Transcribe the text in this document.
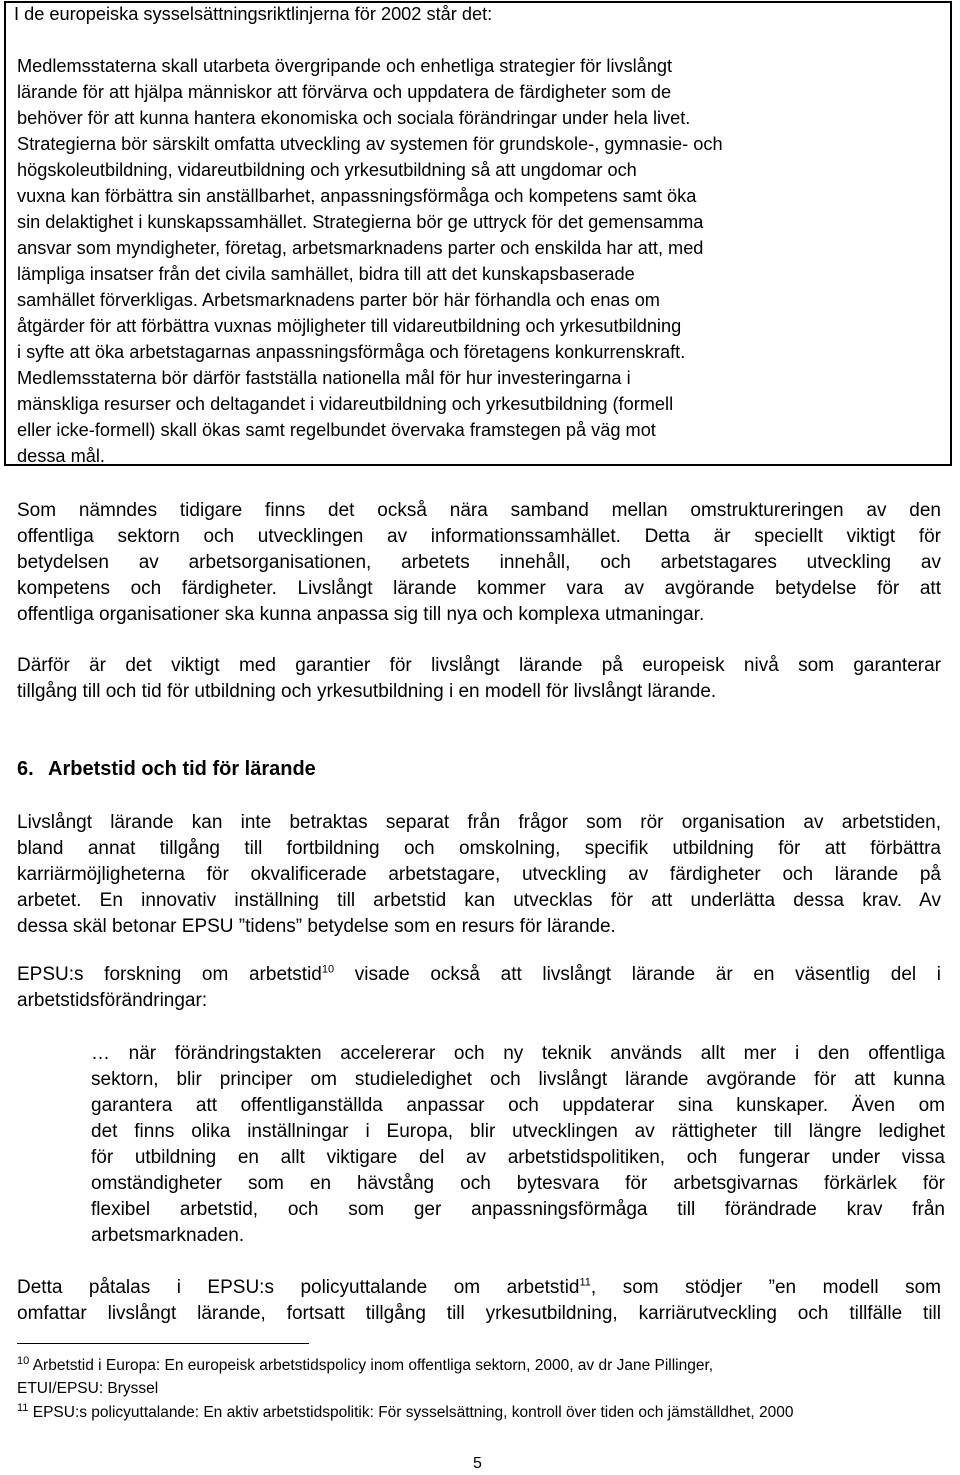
I de europeiska sysselsättningsriktlinjerna för 2002 står det:
Medlemsstaterna skall utarbeta övergripande och enhetliga strategier för livslångt
lärande för att hjälpa människor att förvärva och uppdatera de färdigheter som de
behöver för att kunna hantera ekonomiska och sociala förändringar under hela livet.
Strategierna bör särskilt omfatta utveckling av systemen för grundskole-, gymnasie- och
högskoleutbildning, vidareutbildning och yrkesutbildning så att ungdomar och
vuxna kan förbättra sin anställbarhet, anpassningsförmåga och kompetens samt öka
sin delaktighet i kunskapssamhället. Strategierna bör ge uttryck för det gemensamma
ansvar som myndigheter, företag, arbetsmarknadens parter och enskilda har att, med
lämpliga insatser från det civila samhället, bidra till att det kunskapsbaserade
samhället förverkligas. Arbetsmarknadens parter bör här förhandla och enas om
åtgärder för att förbättra vuxnas möjligheter till vidareutbildning och yrkesutbildning
i syfte att öka arbetstagarnas anpassningsförmåga och företagens konkurrenskraft.
Medlemsstaterna bör därför fastställa nationella mål för hur investeringarna i
mänskliga resurser och deltagandet i vidareutbildning och yrkesutbildning (formell
eller icke-formell) skall ökas samt regelbundet övervaka framstegen på väg mot
dessa mål.
Som nämndes tidigare finns det också nära samband mellan omstruktureringen av den
offentliga sektorn och utvecklingen av informationssamhället. Detta är speciellt viktigt för
betydelsen av arbetsorganisationen, arbetets innehåll, och arbetstagares utveckling av
kompetens och färdigheter. Livslångt lärande kommer vara av avgörande betydelse för att
offentliga organisationer ska kunna anpassa sig till nya och komplexa utmaningar.
Därför är det viktigt med garantier för livslångt lärande på europeisk nivå som garanterar
tillgång till och tid för utbildning och yrkesutbildning i en modell för livslångt lärande.
6. Arbetstid och tid för lärande
Livslångt lärande kan inte betraktas separat från frågor som rör organisation av arbetstiden,
bland annat tillgång till fortbildning och omskolning, specifik utbildning för att förbättra
karriärmöjligheterna för okvalificerade arbetstagare, utveckling av färdigheter och lärande på
arbetet. En innovativ inställning till arbetstid kan utvecklas för att underlätta dessa krav. Av
dessa skäl betonar EPSU ”tidens” betydelse som en resurs för lärande.
EPSU:s forskning om arbetstid$^{10}$ visade också att livslångt lärande är en väsentlig del i
arbetstidsförändringar:
… när förändringstakten accelererar och ny teknik används allt mer i den offentliga
sektorn, blir principer om studieledighet och livslångt lärande avgörande för att kunna
garantera att offentliganställda anpassar och uppdaterar sina kunskaper. Även om
det finns olika inställningar i Europa, blir utvecklingen av rättigheter till längre ledighet
för utbildning en allt viktigare del av arbetstidspolitiken, och fungerar under vissa
omständigheter som en hävstång och bytesvara för arbetsgivarnas förkärlek för
flexibel arbetstid, och som ger anpassningsförmåga till förändrade krav från
arbetsmarknaden.
Detta påtalas i EPSU:s policyuttalande om arbetstid$^{11}$, som stödjer ”en modell som
omfattar livslångt lärande, fortsatt tillgång till yrkesutbildning, karriärutveckling och tillfälle till
$^{10}$ Arbetstid i Europa: En europeisk arbetstidspolicy inom offentliga sektorn, 2000, av dr Jane Pillinger,
ETUI/EPSU: Bryssel
$^{11}$ EPSU:s policyuttalande: En aktiv arbetstidspolitik: För sysselsättning, kontroll över tiden och jämställdhet, 2000
5
